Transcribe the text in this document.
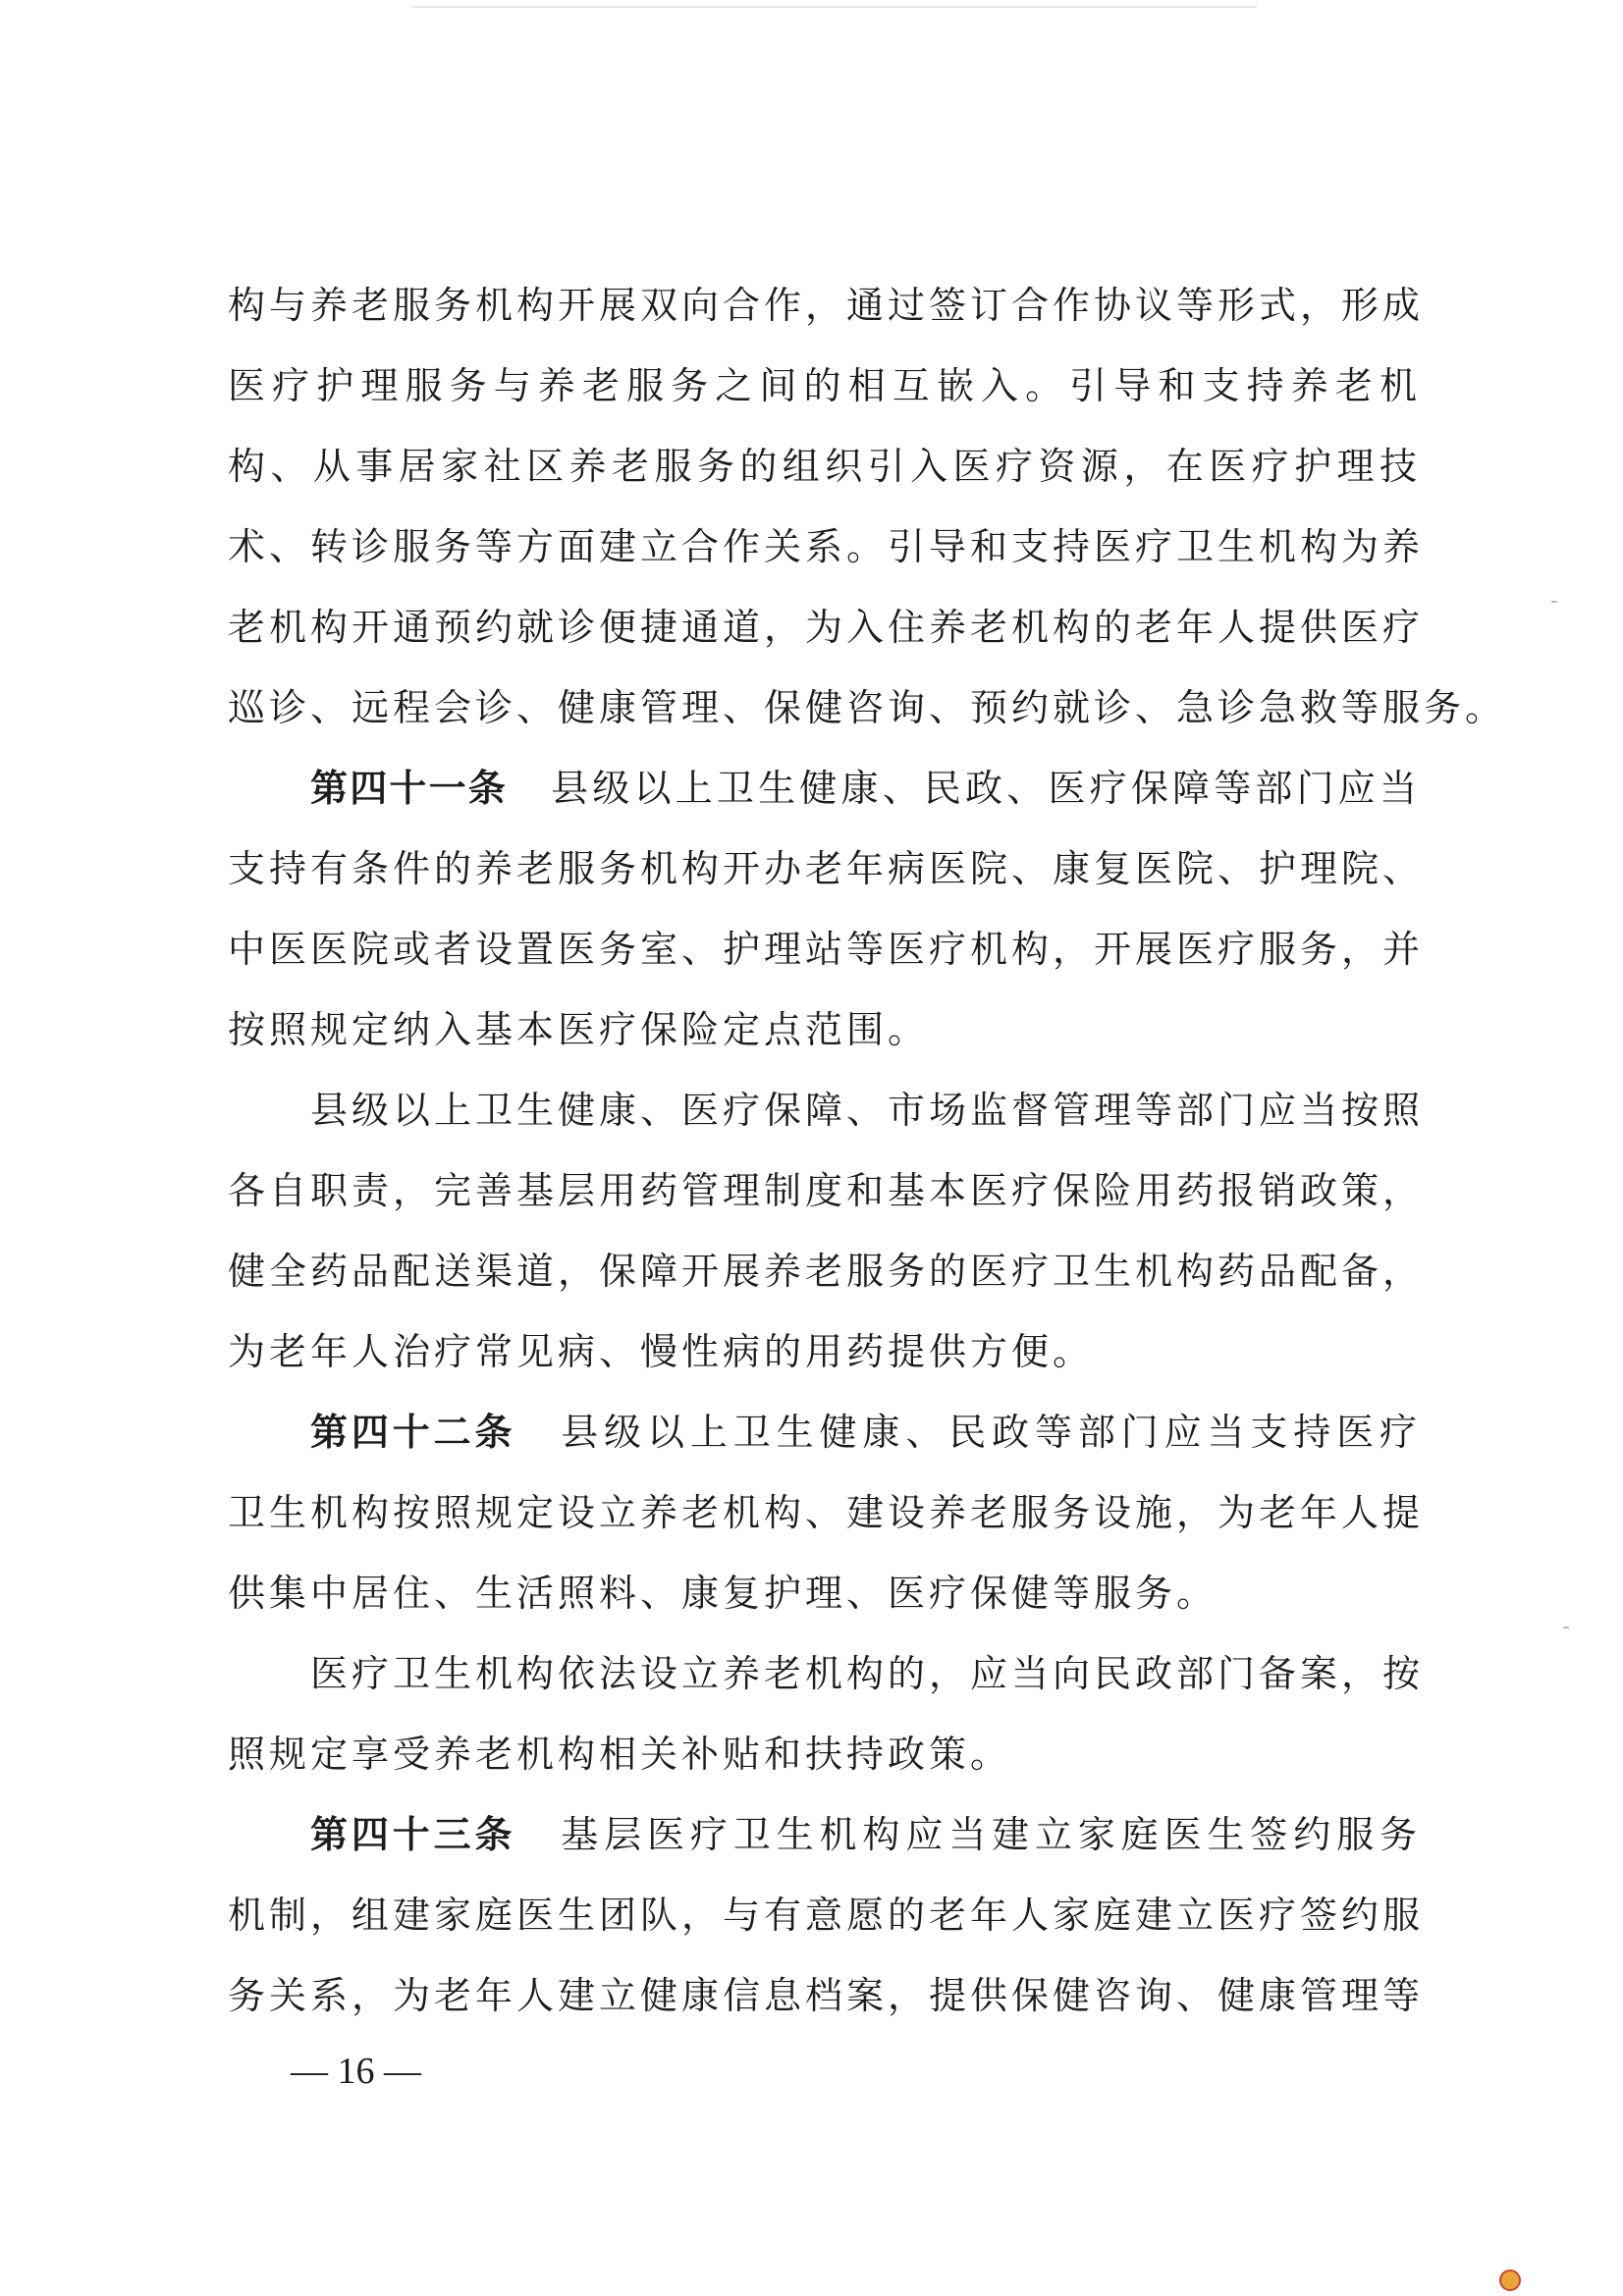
构与养老服务机构开展双向合作，通过签订合作协议等形式，形成
医疗护理服务与养老服务之间的相互嵌入。引导和支持养老机
构、从事居家社区养老服务的组织引入医疗资源，在医疗护理技
术、转诊服务等方面建立合作关系。引导和支持医疗卫生机构为养
老机构开通预约就诊便捷通道，为入住养老机构的老年人提供医疗
巡诊、远程会诊、健康管理、保健咨询、预约就诊、急诊急救等服务。
第四十一条 县级以上卫生健康、民政、医疗保障等部门应当
支持有条件的养老服务机构开办老年病医院、康复医院、护理院、
中医医院或者设置医务室、护理站等医疗机构，开展医疗服务，并
按照规定纳入基本医疗保险定点范围。
县级以上卫生健康、医疗保障、市场监督管理等部门应当按照
各自职责，完善基层用药管理制度和基本医疗保险用药报销政策，
健全药品配送渠道，保障开展养老服务的医疗卫生机构药品配备，
为老年人治疗常见病、慢性病的用药提供方便。
第四十二条 县级以上卫生健康、民政等部门应当支持医疗
卫生机构按照规定设立养老机构、建设养老服务设施，为老年人提
供集中居住、生活照料、康复护理、医疗保健等服务。
医疗卫生机构依法设立养老机构的，应当向民政部门备案，按
照规定享受养老机构相关补贴和扶持政策。
第四十三条 基层医疗卫生机构应当建立家庭医生签约服务
机制，组建家庭医生团队，与有意愿的老年人家庭建立医疗签约服
务关系，为老年人建立健康信息档案，提供保健咨询、健康管理等
— 16 —
